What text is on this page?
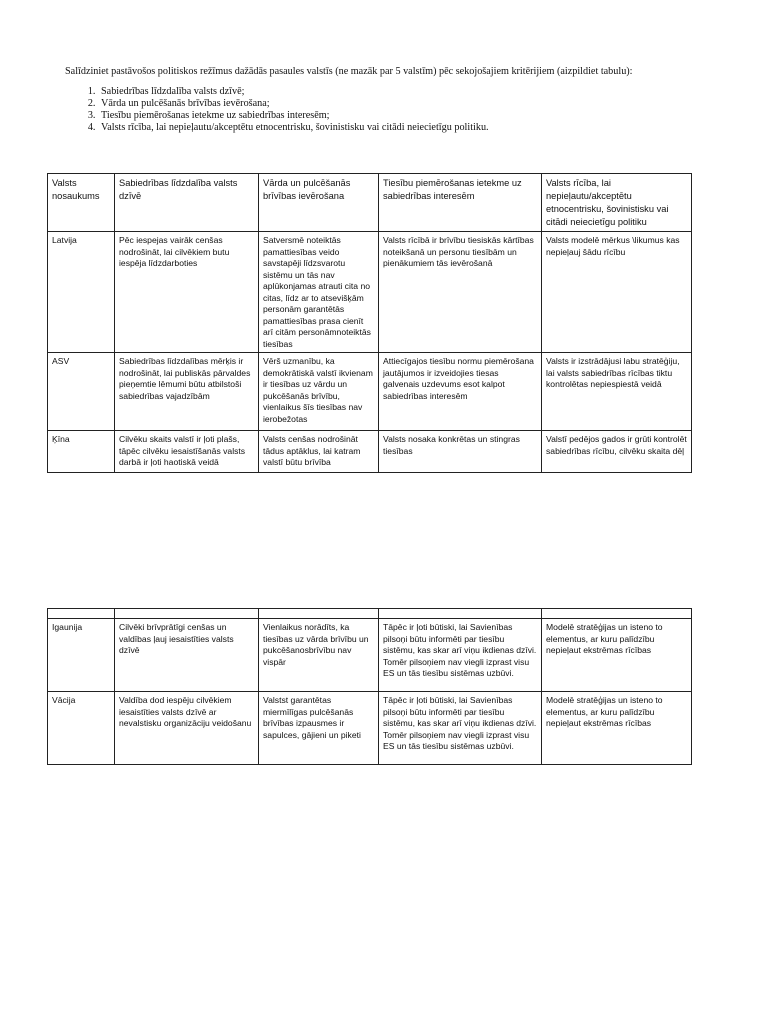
Salīdziniet pastāvošos politiskos režīmus dažādās pasaules valstīs (ne mazāk par 5 valstīm) pēc sekojošajiem kritērijiem (aizpildiet tabulu):

1. Sabiedrības līdzdalība valsts dzīvē;
2. Vārda un pulcēšanās brīvības ievērošana;
3. Tiesību piemērošanas ietekme uz sabiedrības interesēm;
4. Valsts rīcība, lai nepieļautu/akceptētu etnocentrisku, šovinistisku vai citādi neiecietīgu politiku.
Valsts nosaukums	Sabiedrības līdzdalība valsts dzīvē	Vārda un pulcēšanās brīvības ievērošana	Tiesību piemērošanas ietekme uz sabiedrības interesēm	Valsts rīcība, lai nepieļautu/akceptētu etnocentrisku, šovinistisku vai citādi neiecietīgu politiku
Latvija	Pēc iespejas vairāk cenšas nodrošināt, lai cilvēkiem butu iespēja līdzdarboties	Satversmē noteiktās pamattiesības veido savstapēji līdzsvarotu sistēmu un tās nav aplūkonjamas atrauti cita no citas, līdz ar to atsevišķām personām garantētās pamattiesības prasa cienīt arī citām personāmnoteiktās tiesības	Valsts rīcībā ir brīvību tiesiskās kārtības noteikšanā un personu tiesībām un pienākumiem tās ievērošanā	Valsts modelē mērkus \likumus kas nepieļauj šādu rīcību
ASV	Sabiedrības līdzdalības mērķis ir nodrošināt, lai publiskās pārvaldes pieņemtie lēmumi būtu atbilstoši sabiedrības vajadzībām	Vērš uzmanību, ka demokrātiskā valstī ikvienam ir tiesības uz vārdu un pukcēšanās brīvību, vienlaikus šīs tiesības nav ierobežotas	Attiecīgajos tiesību normu piemērošana jautājumos ir izveidojies tiesas galvenais uzdevums esot kalpot sabiedrības interesēm	Valsts ir izstrādājusi labu stratēģiju, lai valsts sabiedrības rīcības tiktu kontrolētas nepiespiestā veidā
Ķīna	Cilvēku skaits valstī ir ļoti plašs, tāpēc cilvēku iesaistīšanās valsts darbā ir ļoti haotiskā veidā	Valsts cenšas nodrošināt tādus aptāklus, lai katram valstī būtu brīvība	Valsts nosaka konkrētas un stingras tiesības	Valstī pedējos gados ir grūti kontrolēt sabiedrības rīcību, cilvēku skaita dēļ

Igaunija	Cilvēki brīvprātīgi cenšas un valdības ļauj iesaistīties valsts dzīvē	Vienlaikus norādīts, ka tiesības uz vārda brīvību un pukcēšanosbrīvību nav vispār	Tāpēc ir ļoti būtiski, lai Savienības pilsoņi būtu informēti par tiesību sistēmu, kas skar arī viņu ikdienas dzīvi. Tomēr pilsoņiem nav viegli izprast visu ES un tās tiesību sistēmas uzbūvi.	Modelē stratēģijas un isteno to elementus, ar kuru palīdzību nepieļaut ekstrēmas rīcības
Vācija	Valdība dod iespēju cilvēkiem iesaistīties valsts dzīvē ar nevalstisku organizāciju veidošanu	Valstst garantētas miermīlīgas pulcēšanās brīvības izpausmes ir sapulces, gājieni un piketi	Tāpēc ir ļoti būtiski, lai Savienības pilsoņi būtu informēti par tiesību sistēmu, kas skar arī viņu ikdienas dzīvi. Tomēr pilsoņiem nav viegli izprast visu ES un tās tiesību sistēmas uzbūvi.	Modelē stratēģijas un isteno to elementus, ar kuru palīdzību nepieļaut ekstrēmas rīcības
